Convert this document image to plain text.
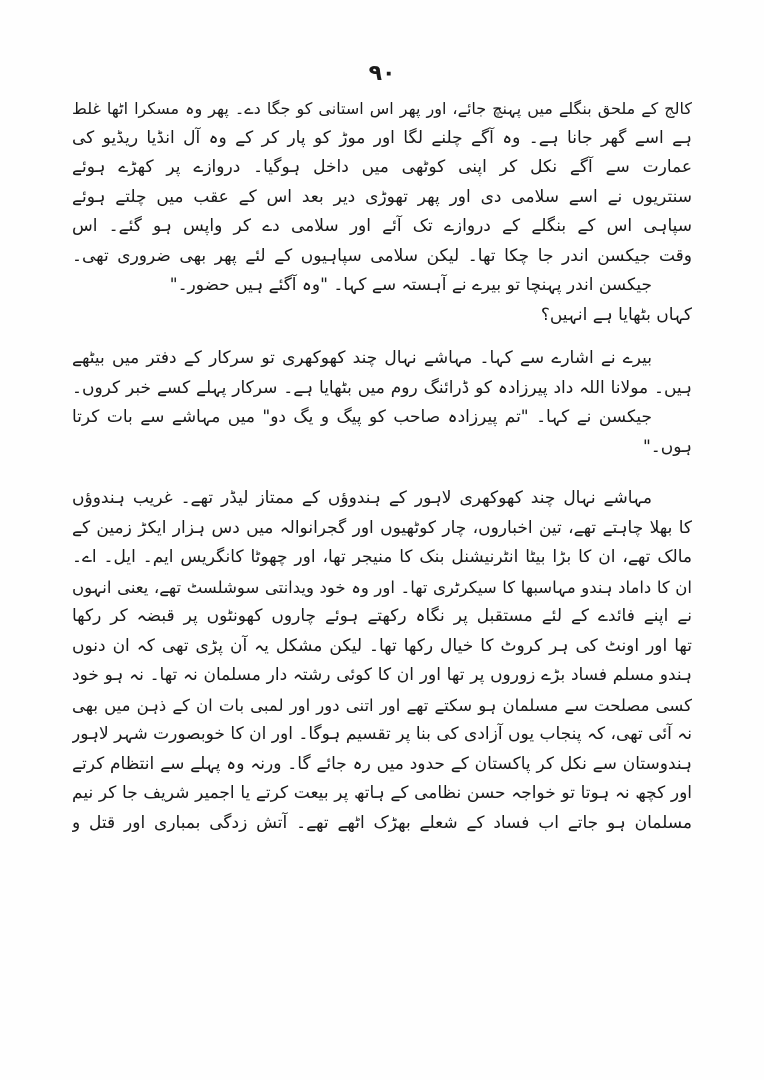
۹۰
کالج کے ملحق بنگلے میں پہنچ جائے، اور پھر اس استانی کو جگا دے۔ پھر وہ مسکرا اٹھا غلط
ہے اسے گھر جانا ہے۔ وہ آگے چلنے لگا اور موڑ کو پار کر کے وہ آل انڈیا ریڈیو کی
عمارت سے آگے نکل کر اپنی کوٹھی میں داخل ہوگیا۔ دروازے پر کھڑے ہوئے
سنتریوں نے اسے سلامی دی اور پھر تھوڑی دیر بعد اس کے عقب میں چلتے ہوئے
سپاہی اس کے بنگلے کے دروازے تک آئے اور سلامی دے کر واپس ہو گئے۔ اس
وقت جیکسن اندر جا چکا تھا۔ لیکن سلامی سپاہیوں کے لئے پھر بھی ضروری تھی۔
جیکسن اندر پہنچا تو بیرے نے آہستہ سے کہا۔ "وہ آگئے ہیں حضور۔"
کہاں بٹھایا ہے انہیں؟
بیرے نے اشارے سے کہا۔ مہاشے نہال چند کھوکھری تو سرکار کے دفتر میں بیٹھے
ہیں۔ مولانا اللہ داد پیرزادہ کو ڈرائنگ روم میں بٹھایا ہے۔ سرکار پہلے کسے خبر کروں۔
جیکسن نے کہا۔ "تم پیرزادہ صاحب کو پیگ و یگ دو" میں مہاشے سے بات کرتا
ہوں۔"
مہاشے نہال چند کھوکھری لاہور کے ہندوؤں کے ممتاز لیڈر تھے۔ غریب ہندوؤں
کا بھلا چاہتے تھے، تین اخباروں، چار کوٹھیوں اور گجرانوالہ میں دس ہزار ایکڑ زمین کے
مالک تھے، ان کا بڑا بیٹا انٹرنیشنل بنک کا منیجر تھا، اور چھوٹا کانگریس ایم۔ ایل۔ اے۔
ان کا داماد ہندو مہاسبھا کا سیکرٹری تھا۔ اور وہ خود ویدانتی سوشلسٹ تھے، یعنی انہوں
نے اپنے فائدے کے لئے مستقبل پر نگاہ رکھتے ہوئے چاروں کھونٹوں پر قبضہ کر رکھا
تھا اور اونٹ کی ہر کروٹ کا خیال رکھا تھا۔ لیکن مشکل یہ آن پڑی تھی کہ ان دنوں
ہندو مسلم فساد بڑے زوروں پر تھا اور ان کا کوئی رشتہ دار مسلمان نہ تھا۔ نہ ہو خود
کسی مصلحت سے مسلمان ہو سکتے تھے اور اتنی دور اور لمبی بات ان کے ذہن میں بھی
نہ آئی تھی، کہ پنجاب یوں آزادی کی بنا پر تقسیم ہوگا۔ اور ان کا خوبصورت شہر لاہور
ہندوستان سے نکل کر پاکستان کے حدود میں رہ جائے گا۔ ورنہ وہ پہلے سے انتظام کرتے
اور کچھ نہ ہوتا تو خواجہ حسن نظامی کے ہاتھ پر بیعت کرتے یا اجمیر شریف جا کر نیم
مسلمان ہو جاتے اب فساد کے شعلے بھڑک اٹھے تھے۔ آتش زدگی بمباری اور قتل و
